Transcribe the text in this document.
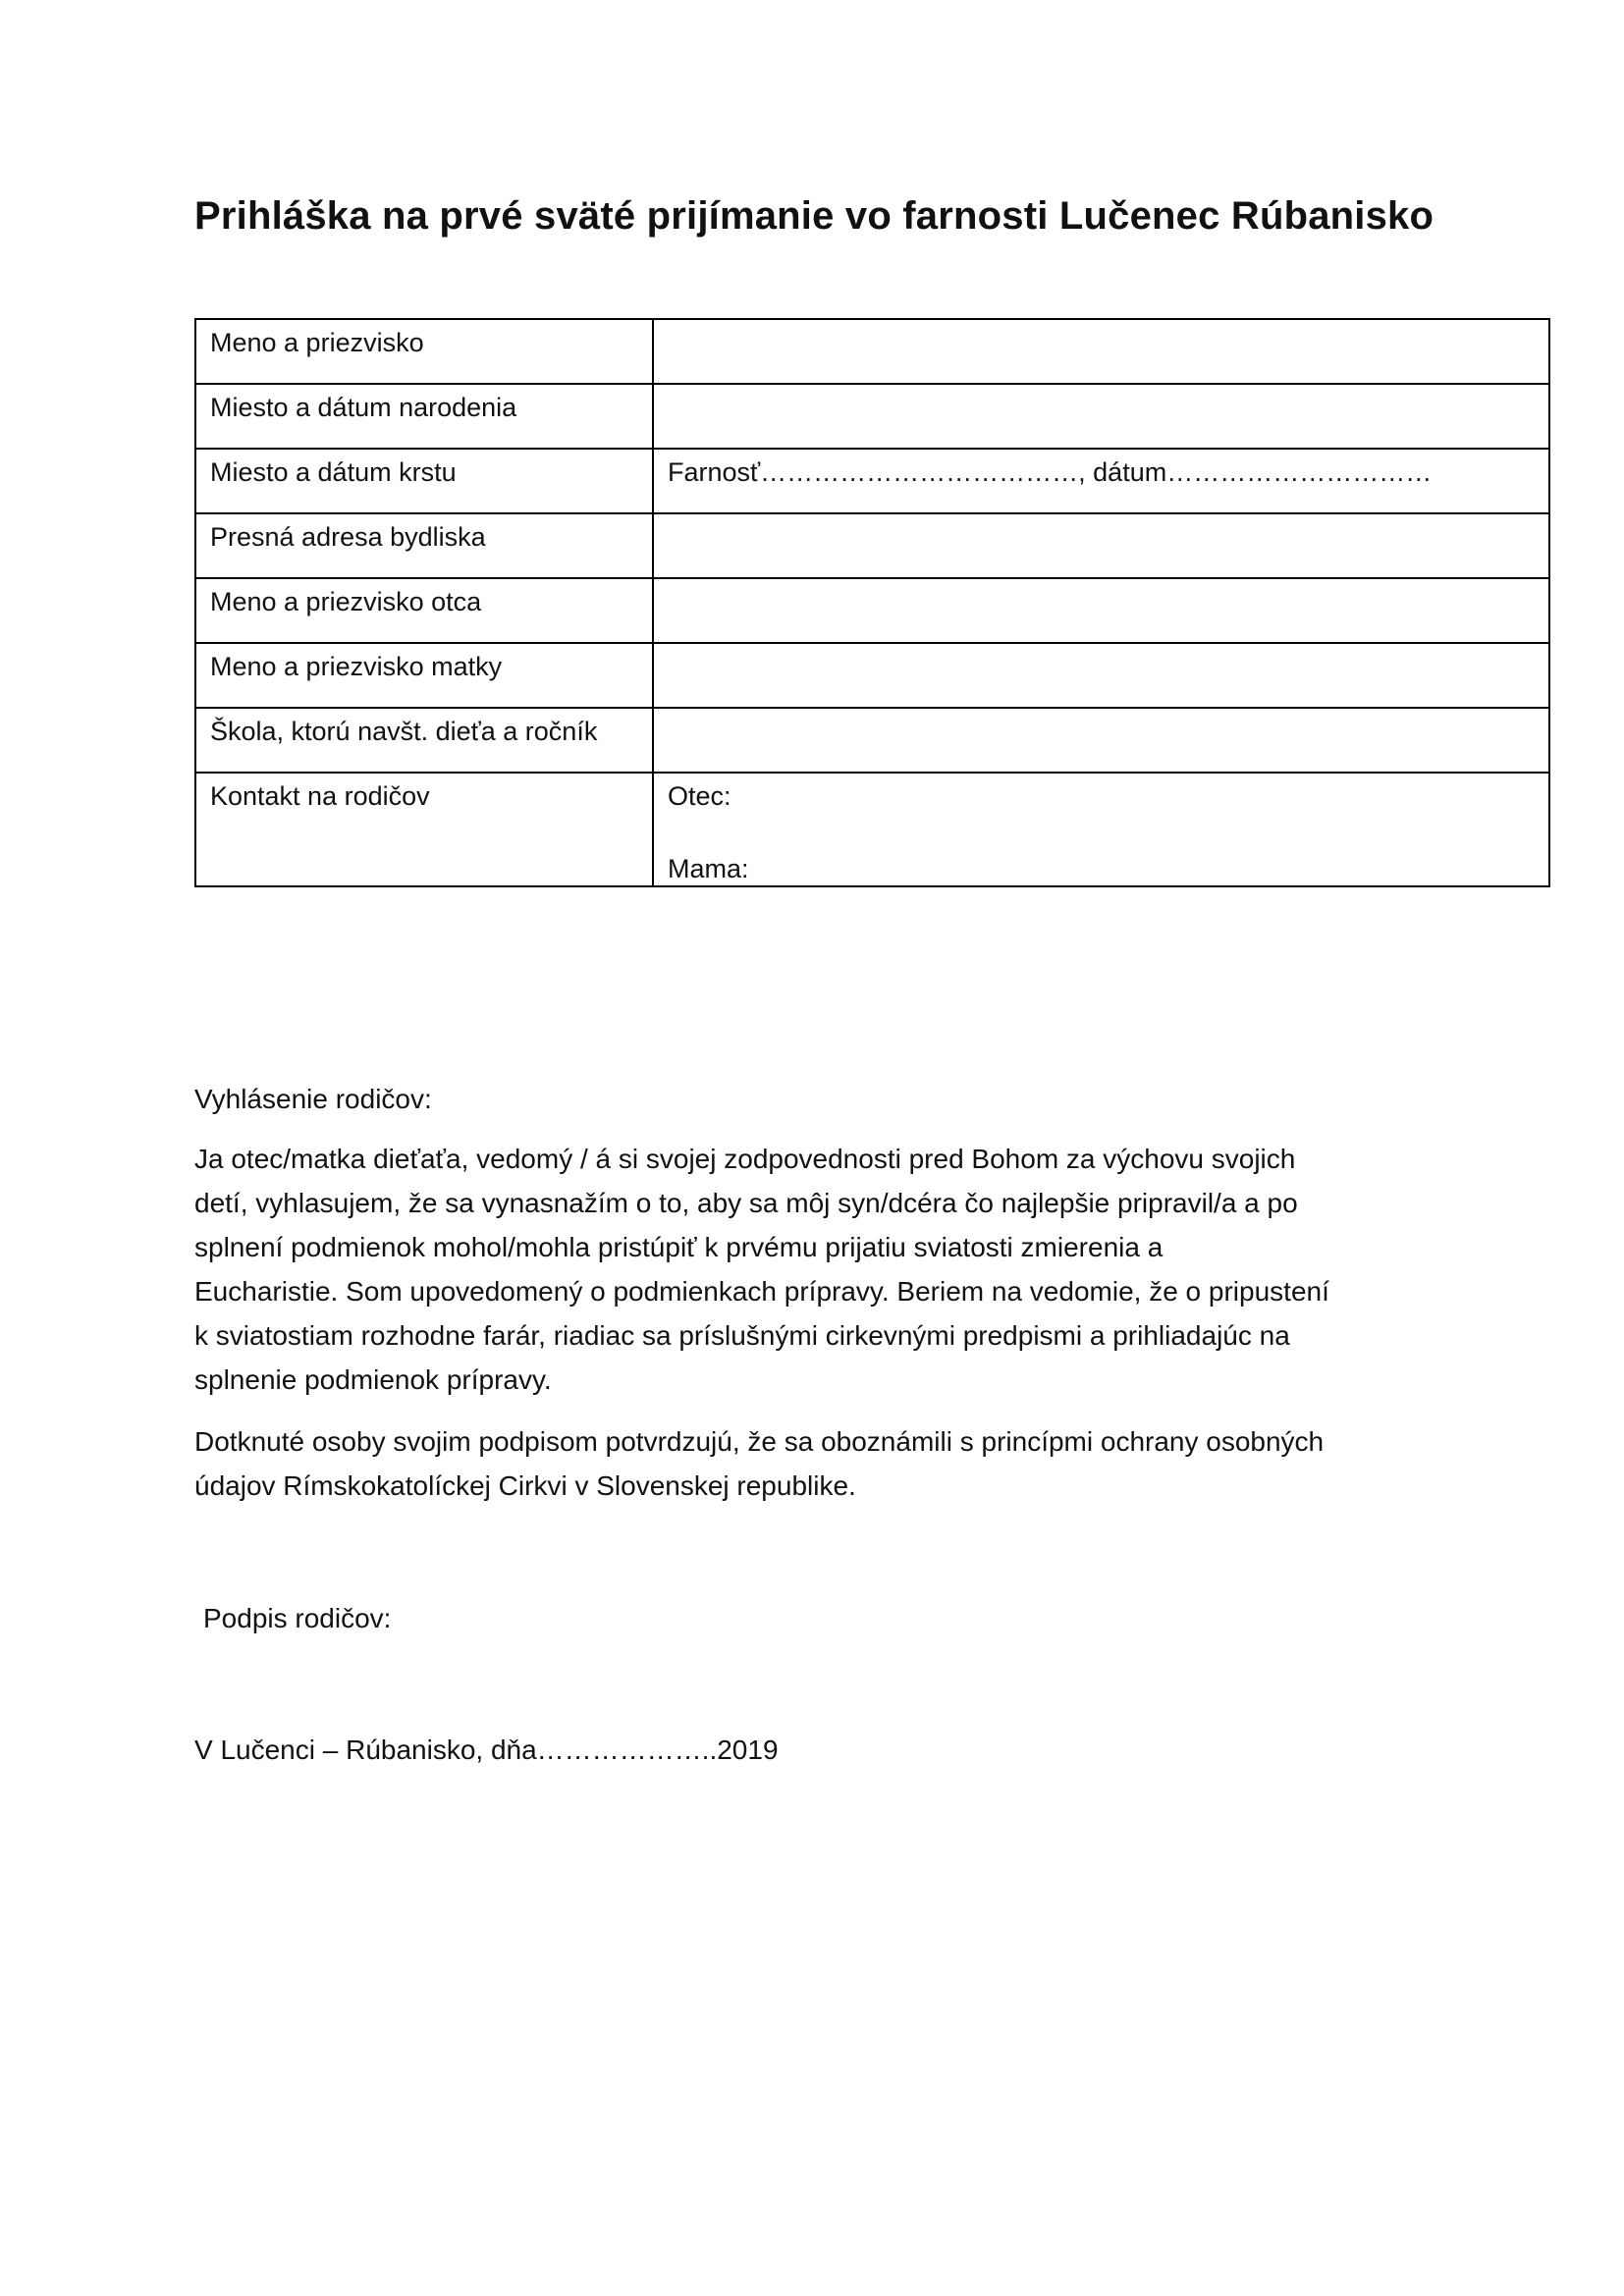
Prihláška na prvé sväté prijímanie vo farnosti Lučenec Rúbanisko
Meno a priezvisko	
Miesto a dátum narodenia	
Miesto a dátum krstu	Farnosť………………………………, dátum…………………………
Presná adresa bydliska	
Meno a priezvisko otca	
Meno a priezvisko matky	
Škola, ktorú navšt. dieťa a ročník	
Kontakt na rodičov	Otec:
Mama:
Vyhlásenie rodičov:

Ja otec/matka dieťaťa, vedomý / á si svojej zodpovednosti pred Bohom za výchovu svojich

detí, vyhlasujem, že sa vynasnažím o to, aby sa môj syn/dcéra čo najlepšie pripravil/a a po

splnení podmienok mohol/mohla pristúpiť k prvému prijatiu sviatosti zmierenia a

Eucharistie. Som upovedomený o podmienkach prípravy. Beriem na vedomie, že o pripustení

k sviatostiam rozhodne farár, riadiac sa príslušnými cirkevnými predpismi a prihliadajúc na

splnenie podmienok prípravy.

Dotknuté osoby svojim podpisom potvrdzujú, že sa oboznámili s princípmi ochrany osobných

údajov Rímskokatolíckej Cirkvi v Slovenskej republike.

Podpis rodičov:
V Lučenci – Rúbanisko, dňa………………..2019
